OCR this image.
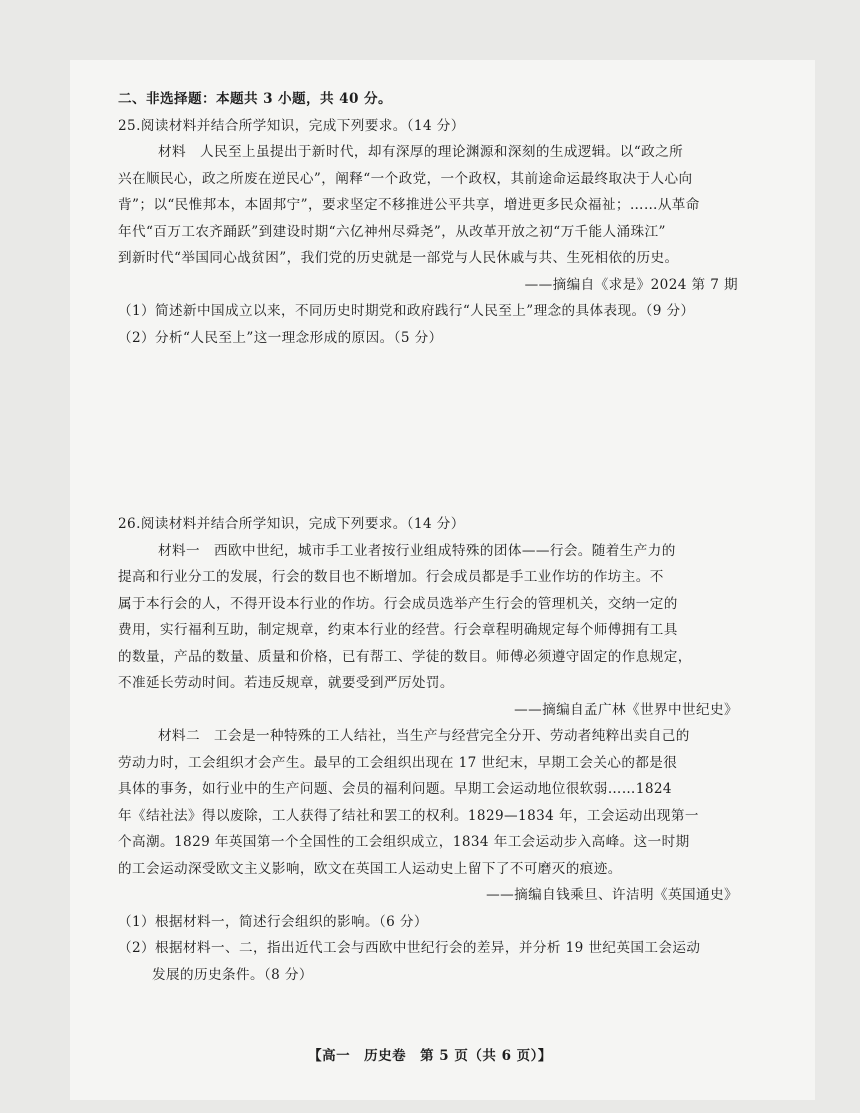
二、非选择题：本题共 3 小题，共 40 分。
25.阅读材料并结合所学知识，完成下列要求。（14 分）
材料　人民至上虽提出于新时代，却有深厚的理论渊源和深刻的生成逻辑。以“政之所
兴在顺民心，政之所废在逆民心”，阐释“一个政党，一个政权，其前途命运最终取决于人心向
背”；以“民惟邦本，本固邦宁”，要求坚定不移推进公平共享，增进更多民众福祉；……从革命
年代“百万工农齐踊跃”到建设时期“六亿神州尽舜尧”，从改革开放之初“万千能人涌珠江”
到新时代“举国同心战贫困”，我们党的历史就是一部党与人民休戚与共、生死相依的历史。
——摘编自《求是》2024 第 7 期
（1）简述新中国成立以来，不同历史时期党和政府践行“人民至上”理念的具体表现。（9 分）
（2）分析“人民至上”这一理念形成的原因。（5 分）
26.阅读材料并结合所学知识，完成下列要求。（14 分）
材料一　西欧中世纪，城市手工业者按行业组成特殊的团体——行会。随着生产力的
提高和行业分工的发展，行会的数目也不断增加。行会成员都是手工业作坊的作坊主。不
属于本行会的人，不得开设本行业的作坊。行会成员选举产生行会的管理机关，交纳一定的
费用，实行福利互助，制定规章，约束本行业的经营。行会章程明确规定每个师傅拥有工具
的数量，产品的数量、质量和价格，已有帮工、学徒的数目。师傅必须遵守固定的作息规定，
不准延长劳动时间。若违反规章，就要受到严厉处罚。
——摘编自孟广林《世界中世纪史》
材料二　工会是一种特殊的工人结社，当生产与经营完全分开、劳动者纯粹出卖自己的
劳动力时，工会组织才会产生。最早的工会组织出现在 17 世纪末，早期工会关心的都是很
具体的事务，如行业中的生产问题、会员的福利问题。早期工会运动地位很软弱……1824
年《结社法》得以废除，工人获得了结社和罢工的权利。1829—1834 年，工会运动出现第一
个高潮。1829 年英国第一个全国性的工会组织成立，1834 年工会运动步入高峰。这一时期
的工会运动深受欧文主义影响，欧文在英国工人运动史上留下了不可磨灭的痕迹。
——摘编自钱乘旦、许洁明《英国通史》
（1）根据材料一，简述行会组织的影响。（6 分）
（2）根据材料一、二，指出近代工会与西欧中世纪行会的差异，并分析 19 世纪英国工会运动
发展的历史条件。（8 分）
【高一　历史卷　第 5 页（共 6 页）】
